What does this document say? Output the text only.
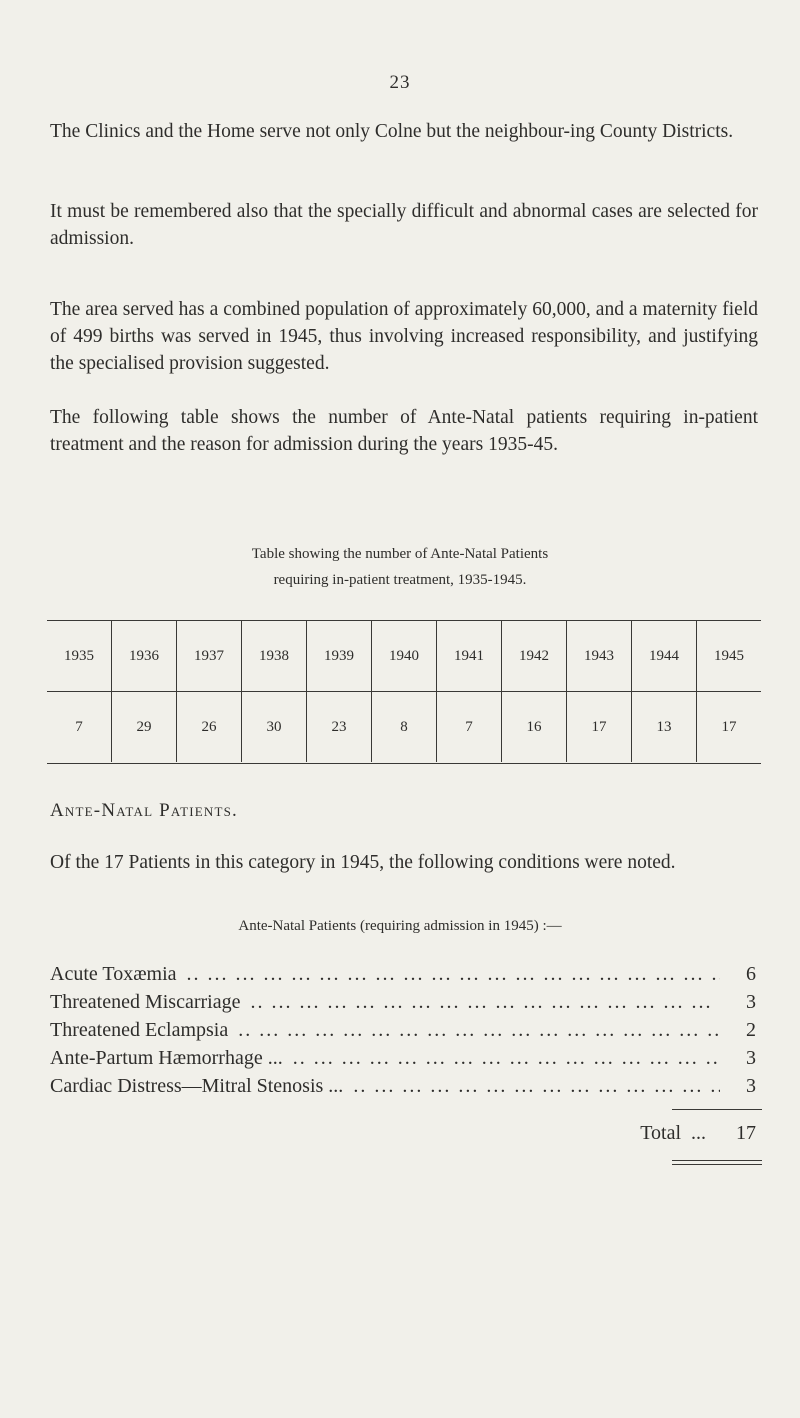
23

The Clinics and the Home serve not only Colne but the neighbour-ing County Districts.

It must be remembered also that the specially difficult and abnormal cases are selected for admission.

The area served has a combined population of approximately 60,000, and a maternity field of 499 births was served in 1945, thus involving increased responsibility, and justifying the specialised provision suggested.

The following table shows the number of Ante-Natal patients requiring in-patient treatment and the reason for admission during the years 1935-45.

Table showing the number of Ante-Natal Patients
requiring in-patient treatment, 1935-1945.
1935	1936	1937	1938	1939	1940	1941	1942	1943	1944	1945
7	29	26	30	23	8	7	16	17	13	17
Ante-Natal Patients.

Of the 17 Patients in this category in 1945, the following conditions were noted.

Ante-Natal Patients (requiring admission in 1945) :—
Acute Toxæmia .. ..	6
Threatened Miscarriage .. ..	3
Threatened Eclampsia .. ..	2
Ante-Partum Hæmorrhage ... .. ..	3
Cardiac Distress—Mitral Stenosis ... .. ..	3
Total ...	17
